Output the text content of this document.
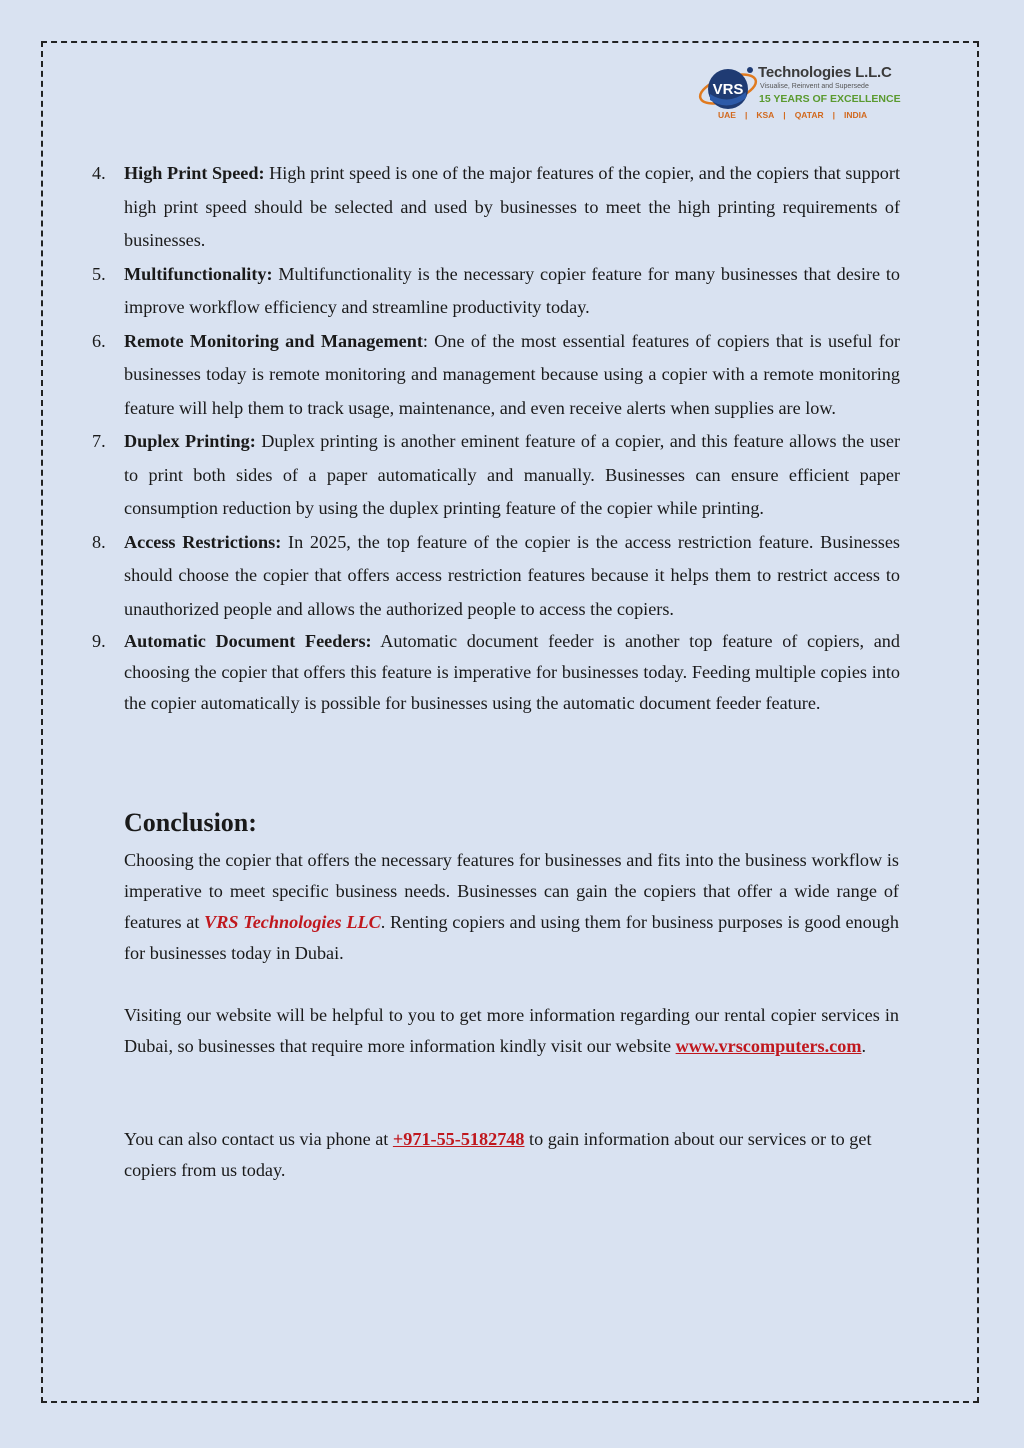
VRS
Technologies L.L.C
Visualise, Reinvent and Supersede
15 YEARS OF EXCELLENCE
UAE	|	KSA	|	QATAR	|	INDIA
4. High Print Speed: High print speed is one of the major features of the copier, and the copiers that support high print speed should be selected and used by businesses to meet the high printing requirements of businesses.
5. Multifunctionality: Multifunctionality is the necessary copier feature for many businesses that desire to improve workflow efficiency and streamline productivity today.
6. Remote Monitoring and Management: One of the most essential features of copiers that is useful for businesses today is remote monitoring and management because using a copier with a remote monitoring feature will help them to track usage, maintenance, and even receive alerts when supplies are low.
7. Duplex Printing: Duplex printing is another eminent feature of a copier, and this feature allows the user to print both sides of a paper automatically and manually. Businesses can ensure efficient paper consumption reduction by using the duplex printing feature of the copier while printing.
8. Access Restrictions: In 2025, the top feature of the copier is the access restriction feature. Businesses should choose the copier that offers access restriction features because it helps them to restrict access to unauthorized people and allows the authorized people to access the copiers.
9. Automatic Document Feeders: Automatic document feeder is another top feature of copiers, and choosing the copier that offers this feature is imperative for businesses today. Feeding multiple copies into the copier automatically is possible for businesses using the automatic document feeder feature.
Conclusion:

Choosing the copier that offers the necessary features for businesses and fits into the business workflow is imperative to meet specific business needs. Businesses can gain the copiers that offer a wide range of features at VRS Technologies LLC. Renting copiers and using them for business purposes is good enough for businesses today in Dubai.

Visiting our website will be helpful to you to get more information regarding our rental copier services in Dubai, so businesses that require more information kindly visit our website www.vrscomputers.com.

You can also contact us via phone at +971-55-5182748 to gain information about our services or to get copiers from us today.
